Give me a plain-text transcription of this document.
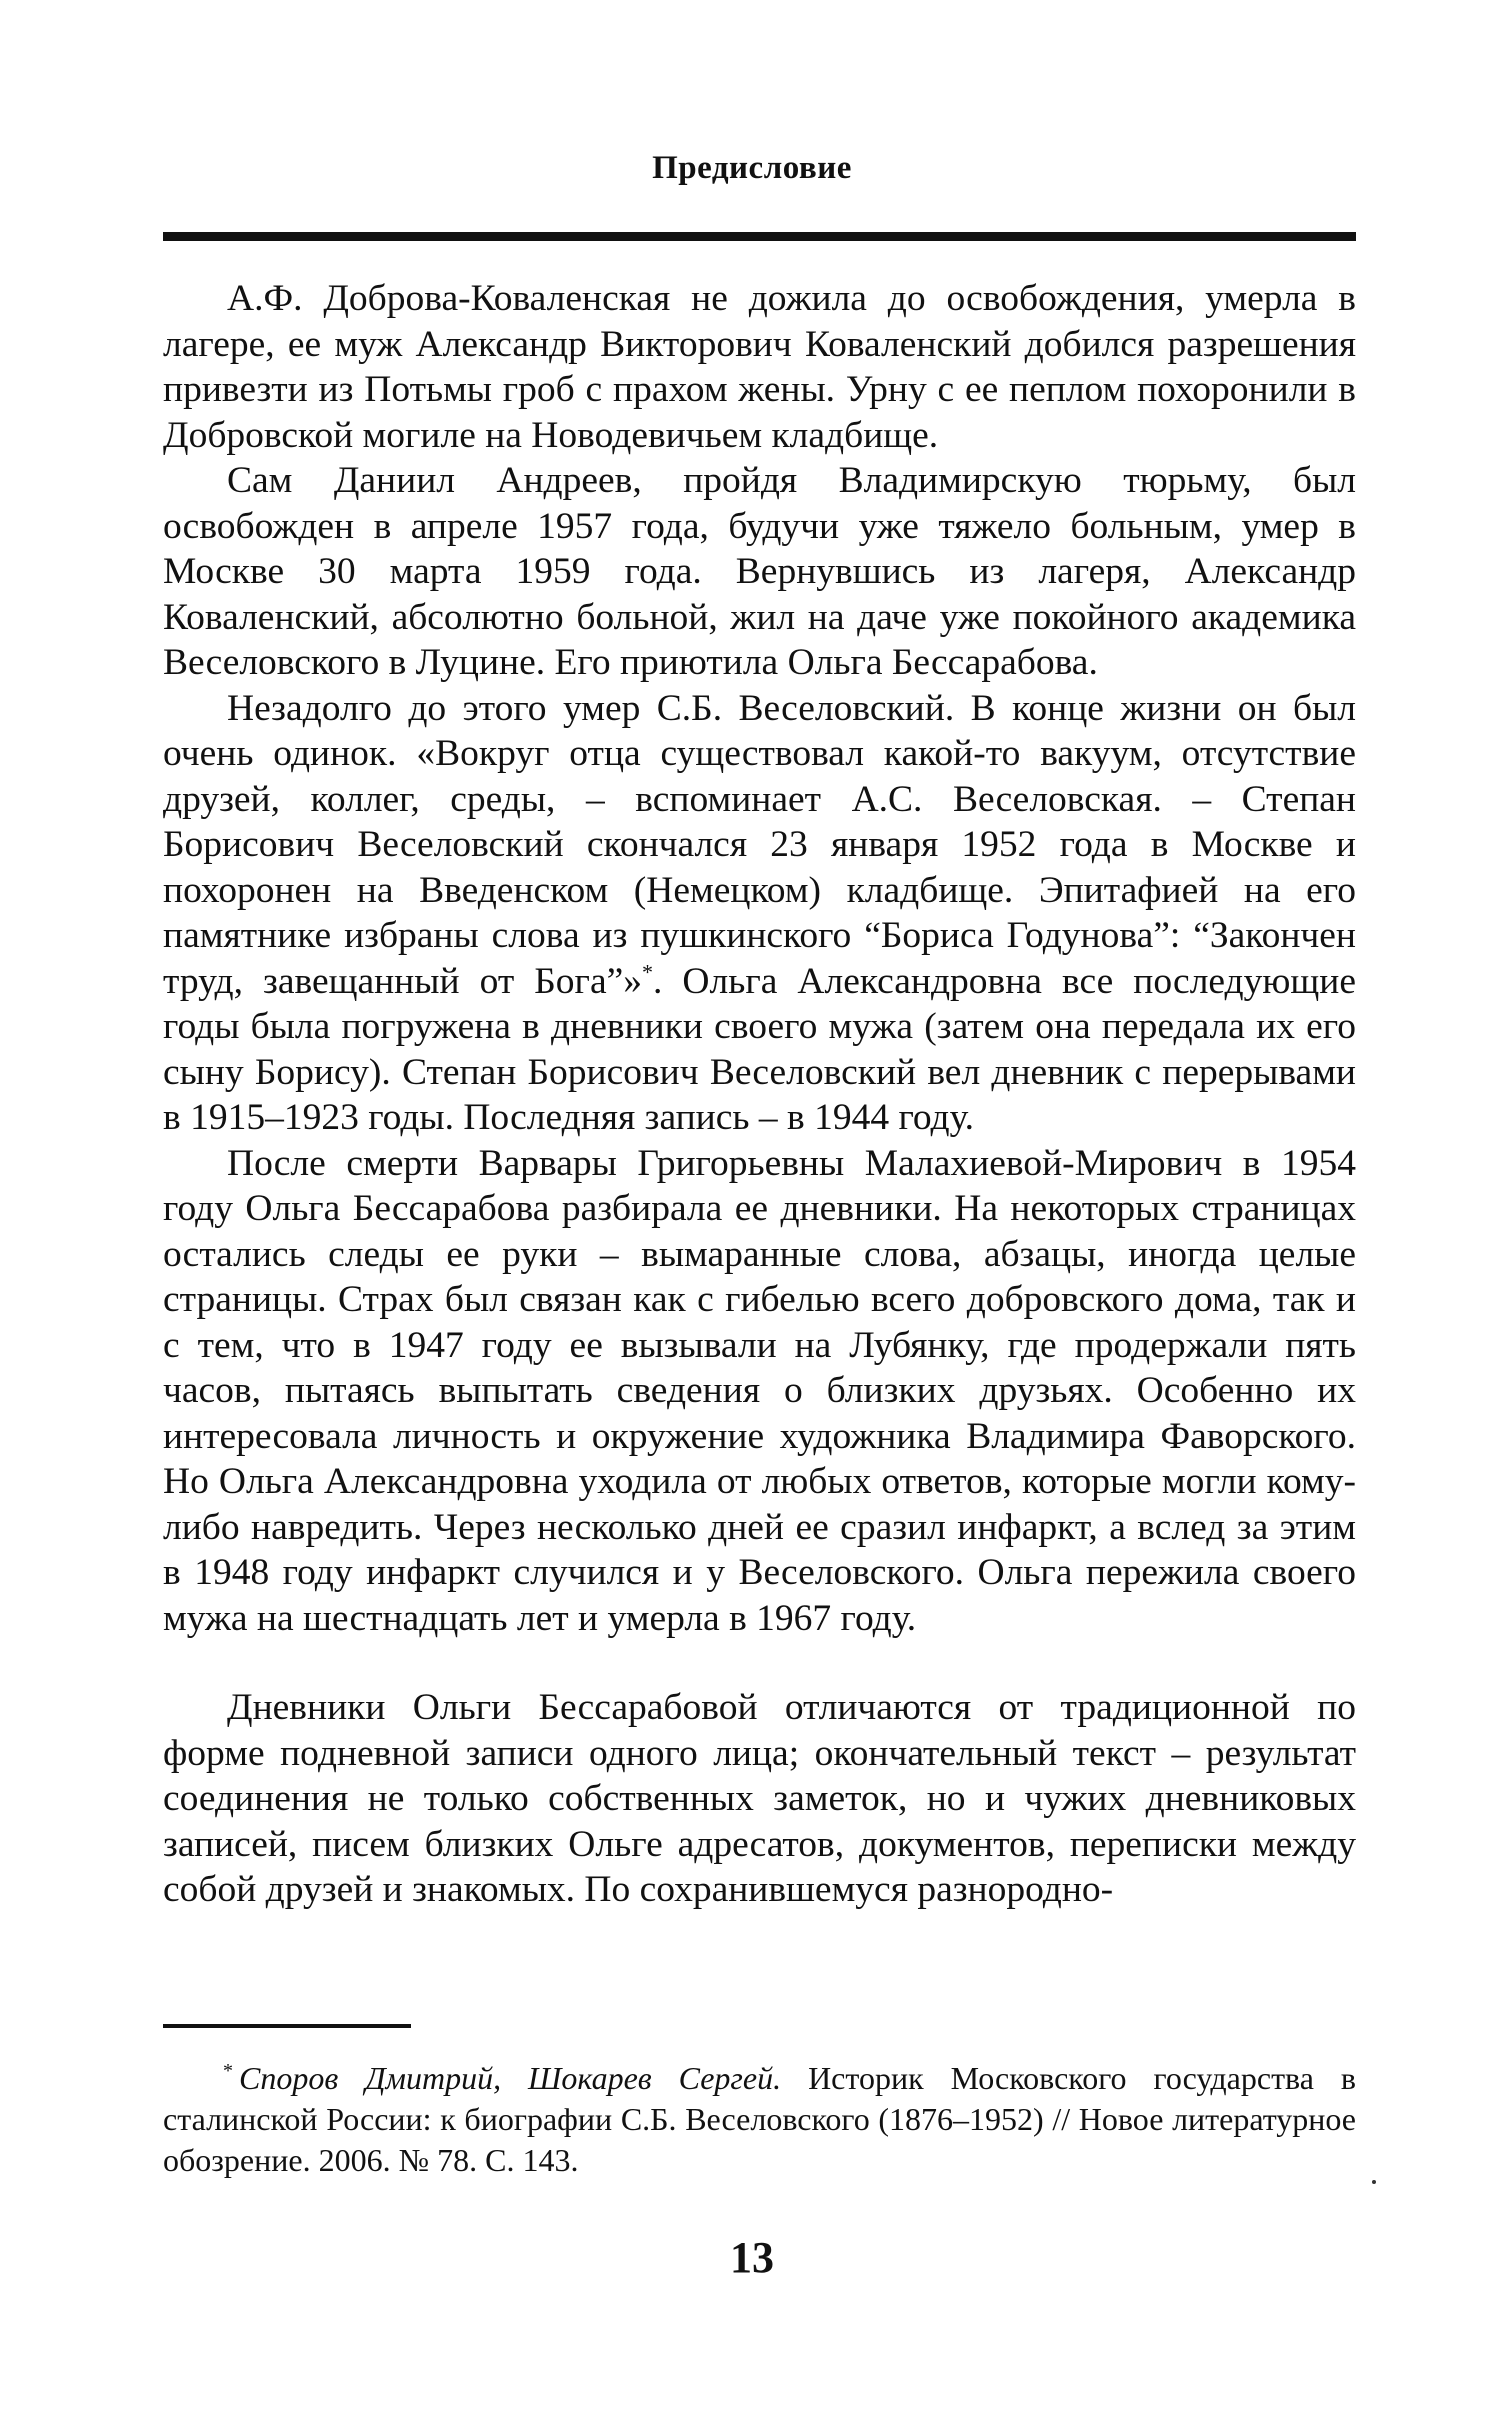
Предисловие

А.Ф. Доброва-Коваленская не дожила до освобождения, умерла в лагере, ее муж Александр Викторович Коваленский добился разрешения привезти из Потьмы гроб с прахом жены. Урну с ее пеплом похоронили в Добровской могиле на Новодевичьем кладбище.

Сам Даниил Андреев, пройдя Владимирскую тюрьму, был освобожден в апреле 1957 года, будучи уже тяжело больным, умер в Москве 30 марта 1959 года. Вернувшись из лагеря, Александр Коваленский, абсолютно больной, жил на даче уже покойного академика Веселовского в Луцине. Его приютила Ольга Бессарабова.

Незадолго до этого умер С.Б. Веселовский. В конце жизни он был очень одинок. «Вокруг отца существовал какой-то вакуум, отсутствие друзей, коллег, среды, – вспоминает А.С. Веселовская. – Степан Борисович Веселовский скончался 23 января 1952 года в Москве и похоронен на Введенском (Немецком) кладбище. Эпитафией на его памятнике избраны слова из пушкинского “Бориса Годунова”: “Закончен труд, завещанный от Бога”»*. Ольга Александровна все последующие годы была погружена в дневники своего мужа (затем она передала их его сыну Борису). Степан Борисович Веселовский вел дневник с перерывами в 1915–1923 годы. Последняя запись – в 1944 году.

После смерти Варвары Григорьевны Малахиевой-Мирович в 1954 году Ольга Бессарабова разбирала ее дневники. На некоторых страницах остались следы ее руки – вымаранные слова, абзацы, иногда целые страницы. Страх был связан как с гибелью всего добровского дома, так и с тем, что в 1947 году ее вызывали на Лубянку, где продержали пять часов, пытаясь выпытать сведения о близких друзьях. Особенно их интересовала личность и окружение художника Владимира Фаворского. Но Ольга Александровна уходила от любых ответов, которые могли кому-либо навредить. Через несколько дней ее сразил инфаркт, а вслед за этим в 1948 году инфаркт случился и у Веселовского. Ольга пережила своего мужа на шестнадцать лет и умерла в 1967 году.

Дневники Ольги Бессарабовой отличаются от традиционной по форме подневной записи одного лица; окончательный текст – результат соединения не только собственных заметок, но и чужих дневниковых записей, писем близких Ольге адресатов, документов, переписки между собой друзей и знакомых. По сохранившемуся разнородно-

* Споров Дмитрий, Шокарев Сергей. Историк Московского государства в сталинской России: к биографии С.Б. Веселовского (1876–1952) // Новое литературное обозрение. 2006. № 78. С. 143.

13
